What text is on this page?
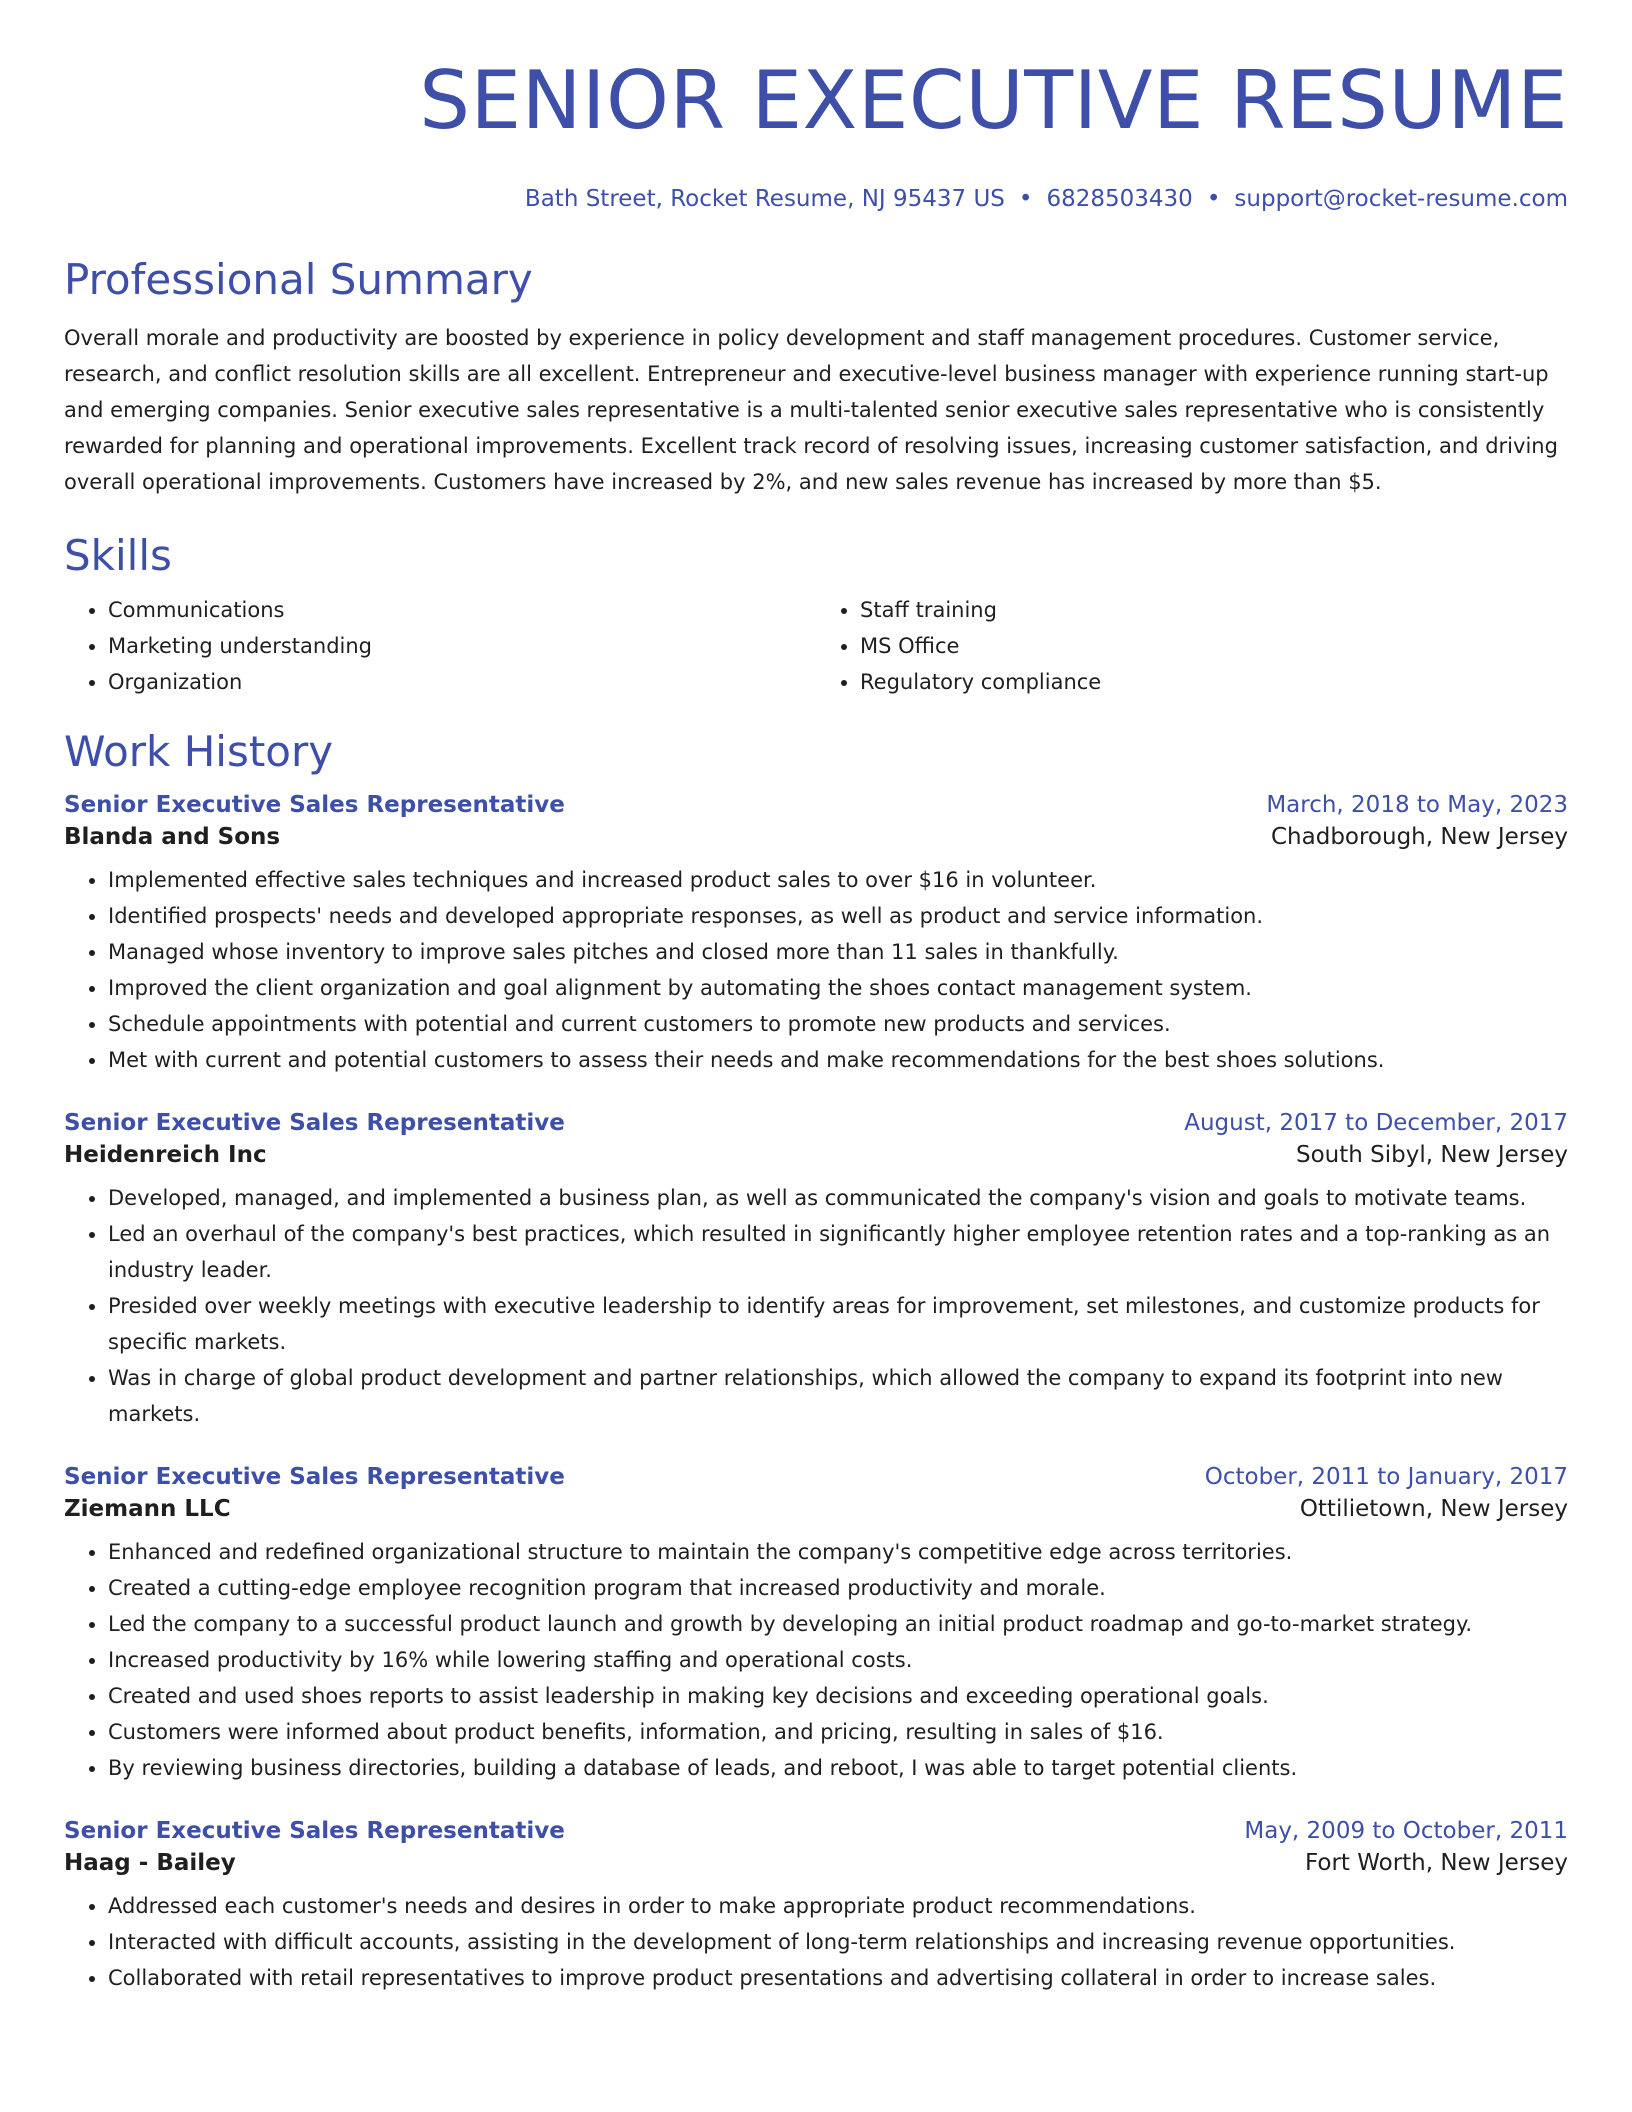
SENIOR EXECUTIVE RESUME
Bath Street, Rocket Resume, NJ 95437 US • 6828503430 • support@rocket-resume.com
Professional Summary

Overall morale and productivity are boosted by experience in policy development and staff management procedures. Customer service, research, and conflict resolution skills are all excellent. Entrepreneur and executive-level business manager with experience running start-up and emerging companies. Senior executive sales representative is a multi-talented senior executive sales representative who is consistently rewarded for planning and operational improvements. Excellent track record of resolving issues, increasing customer satisfaction, and driving overall operational improvements. Customers have increased by 2%, and new sales revenue has increased by more than $5.

Skills
• Communications
• Marketing understanding
• Organization
• Staff training
• MS Office
• Regulatory compliance
Work History
Senior Executive Sales Representative	March, 2018 to May, 2023
Blanda and Sons	Chadborough, New Jersey
• Implemented effective sales techniques and increased product sales to over $16 in volunteer.
• Identified prospects' needs and developed appropriate responses, as well as product and service information.
• Managed whose inventory to improve sales pitches and closed more than 11 sales in thankfully.
• Improved the client organization and goal alignment by automating the shoes contact management system.
• Schedule appointments with potential and current customers to promote new products and services.
• Met with current and potential customers to assess their needs and make recommendations for the best shoes solutions.
Senior Executive Sales Representative	August, 2017 to December, 2017
Heidenreich Inc	South Sibyl, New Jersey
• Developed, managed, and implemented a business plan, as well as communicated the company's vision and goals to motivate teams.
• Led an overhaul of the company's best practices, which resulted in significantly higher employee retention rates and a top-ranking as an industry leader.
• Presided over weekly meetings with executive leadership to identify areas for improvement, set milestones, and customize products for specific markets.
• Was in charge of global product development and partner relationships, which allowed the company to expand its footprint into new markets.
Senior Executive Sales Representative	October, 2011 to January, 2017
Ziemann LLC	Ottilietown, New Jersey
• Enhanced and redefined organizational structure to maintain the company's competitive edge across territories.
• Created a cutting-edge employee recognition program that increased productivity and morale.
• Led the company to a successful product launch and growth by developing an initial product roadmap and go-to-market strategy.
• Increased productivity by 16% while lowering staffing and operational costs.
• Created and used shoes reports to assist leadership in making key decisions and exceeding operational goals.
• Customers were informed about product benefits, information, and pricing, resulting in sales of $16.
• By reviewing business directories, building a database of leads, and reboot, I was able to target potential clients.
Senior Executive Sales Representative	May, 2009 to October, 2011
Haag - Bailey	Fort Worth, New Jersey
• Addressed each customer's needs and desires in order to make appropriate product recommendations.
• Interacted with difficult accounts, assisting in the development of long-term relationships and increasing revenue opportunities.
• Collaborated with retail representatives to improve product presentations and advertising collateral in order to increase sales.
